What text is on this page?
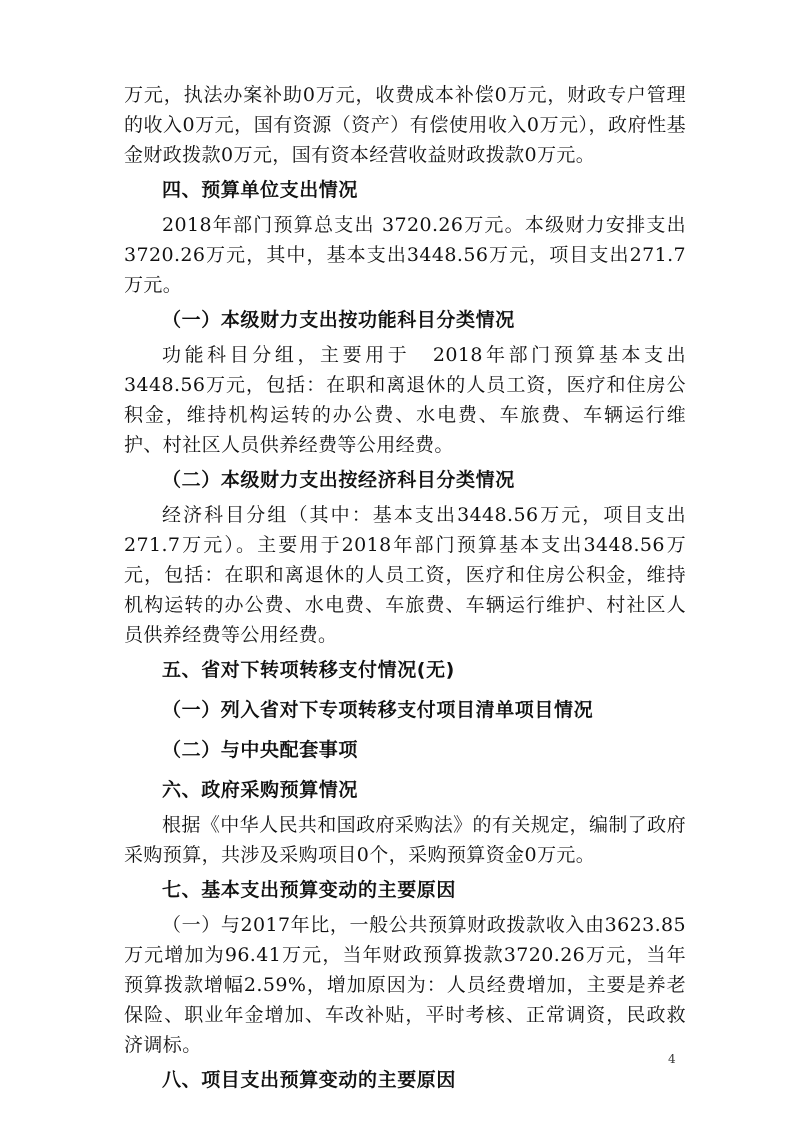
万元，执法办案补助0万元，收费成本补偿0万元，财政专户管理的收入0万元，国有资源（资产）有偿使用收入0万元），政府性基金财政拨款0万元，国有资本经营收益财政拨款0万元。

四、预算单位支出情况

2018年部门预算总支出 3720.26万元。本级财力安排支出3720.26万元，其中，基本支出3448.56万元，项目支出271.7万元。

（一）本级财力支出按功能科目分类情况

功能科目分组，主要用于　2018年部门预算基本支出3448.56万元，包括：在职和离退休的人员工资，医疗和住房公积金，维持机构运转的办公费、水电费、车旅费、车辆运行维护、村社区人员供养经费等公用经费。

（二）本级财力支出按经济科目分类情况

经济科目分组（其中：基本支出3448.56万元，项目支出271.7万元）。主要用于2018年部门预算基本支出3448.56万元，包括：在职和离退休的人员工资，医疗和住房公积金，维持机构运转的办公费、水电费、车旅费、车辆运行维护、村社区人员供养经费等公用经费。

五、省对下转项转移支付情况(无)
（一）列入省对下专项转移支付项目清单项目情况
（二）与中央配套事项
六、政府采购预算情况

根据《中华人民共和国政府采购法》的有关规定，编制了政府采购预算，共涉及采购项目0个，采购预算资金0万元。

七、基本支出预算变动的主要原因

（一）与2017年比，一般公共预算财政拨款收入由3623.85万元增加为96.41万元，当年财政预算拨款3720.26万元，当年预算拨款增幅2.59%，增加原因为：人员经费增加，主要是养老保险、职业年金增加、车改补贴，平时考核、正常调资，民政救济调标。

八、项目支出预算变动的主要原因
4
